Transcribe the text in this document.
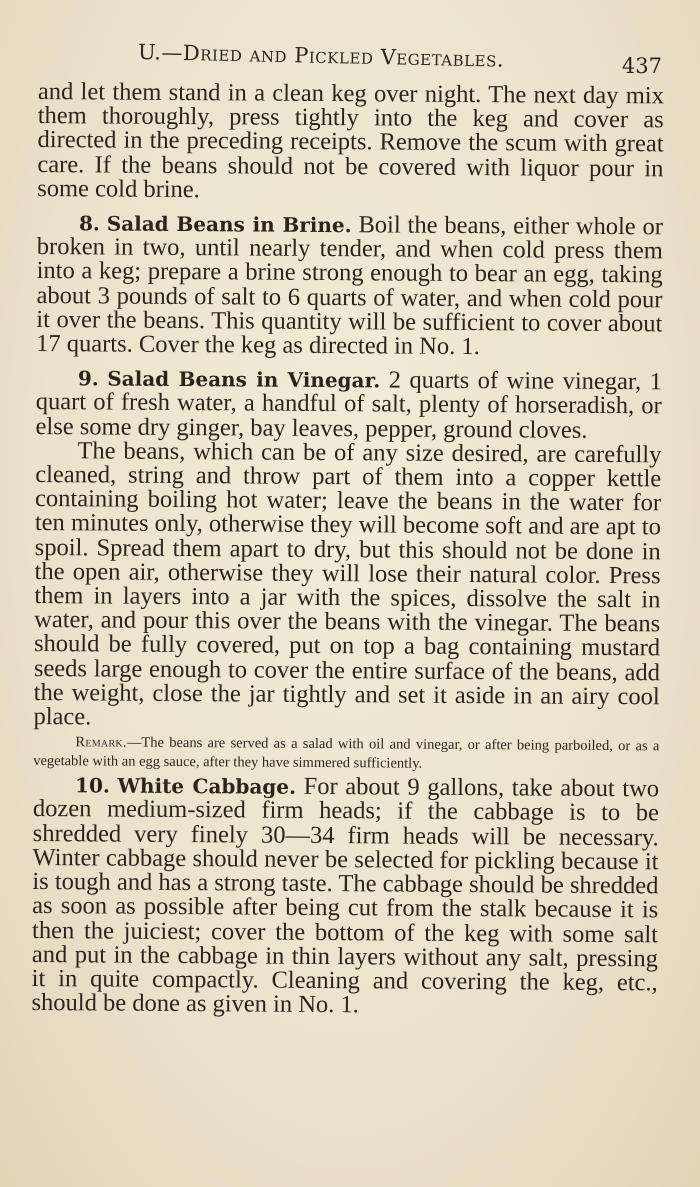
U.—Dried and Pickled Vegetables.	437

and let them stand in a clean keg over night. The next day mix them thoroughly, press tightly into the keg and cover as directed in the preceding receipts. Remove the scum with great care. If the beans should not be covered with liquor pour in some cold brine.

8. Salad Beans in Brine. Boil the beans, either whole or broken in two, until nearly tender, and when cold press them into a keg; prepare a brine strong enough to bear an egg, taking about 3 pounds of salt to 6 quarts of water, and when cold pour it over the beans. This quantity will be sufficient to cover about 17 quarts. Cover the keg as directed in No. 1.

9. Salad Beans in Vinegar. 2 quarts of wine vinegar, 1 quart of fresh water, a handful of salt, plenty of horseradish, or else some dry ginger, bay leaves, pepper, ground cloves.

The beans, which can be of any size desired, are carefully cleaned, string and throw part of them into a copper kettle containing boiling hot water; leave the beans in the water for ten minutes only, otherwise they will become soft and are apt to spoil. Spread them apart to dry, but this should not be done in the open air, otherwise they will lose their natural color. Press them in layers into a jar with the spices, dissolve the salt in water, and pour this over the beans with the vinegar. The beans should be fully covered, put on top a bag containing mustard seeds large enough to cover the entire surface of the beans, add the weight, close the jar tightly and set it aside in an airy cool place.

Remark.—The beans are served as a salad with oil and vinegar, or after being parboiled, or as a vegetable with an egg sauce, after they have simmered sufficiently.

10. White Cabbage. For about 9 gallons, take about two dozen medium-sized firm heads; if the cabbage is to be shredded very finely 30—34 firm heads will be necessary. Winter cabbage should never be selected for pickling because it is tough and has a strong taste. The cabbage should be shredded as soon as possible after being cut from the stalk because it is then the juiciest; cover the bottom of the keg with some salt and put in the cabbage in thin layers without any salt, pressing it in quite compactly. Cleaning and covering the keg, etc., should be done as given in No. 1.
